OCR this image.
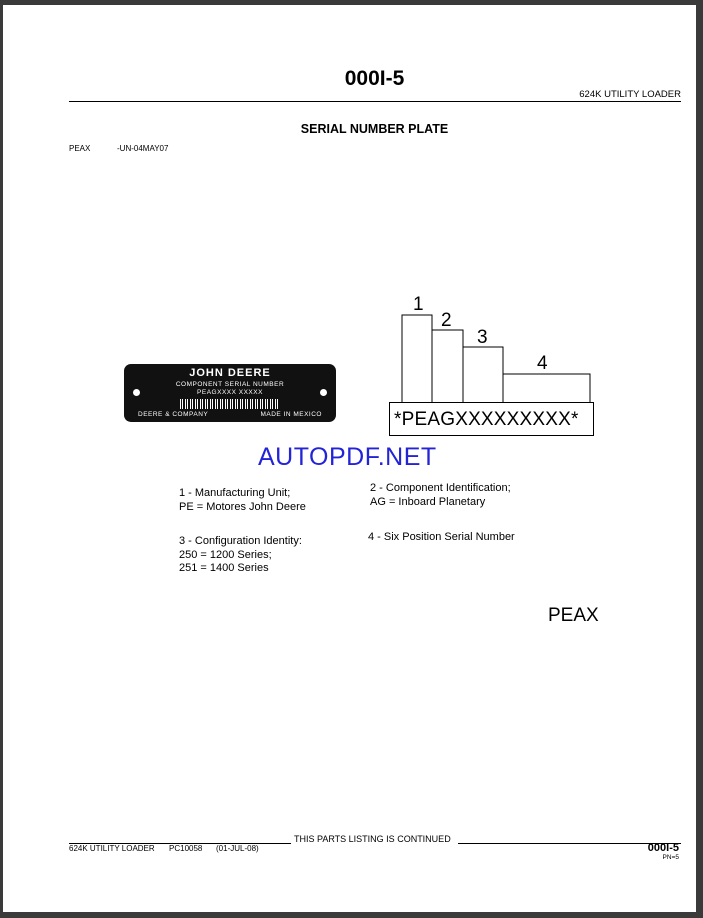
000I-5
624K UTILITY LOADER
SERIAL NUMBER PLATE
PEAX	-UN-04MAY07
JOHN DEERE
COMPONENT SERIAL NUMBER
PEAGXXXX XXXXX
DEERE & COMPANY	MADE IN MEXICO
1
2
3
4
*PEAGXXXXXXXXX*
AUTOPDF.NET
1 - Manufacturing Unit;
PE = Motores John Deere
2 - Component Identification;
AG = Inboard Planetary
3 - Configuration Identity:
250 = 1200 Series;
251 = 1400 Series
4 - Six Position Serial Number
PEAX
THIS PARTS LISTING IS CONTINUED
624K UTILITY LOADER PC10058 (01-JUL-08)	000I-5
PN=5
